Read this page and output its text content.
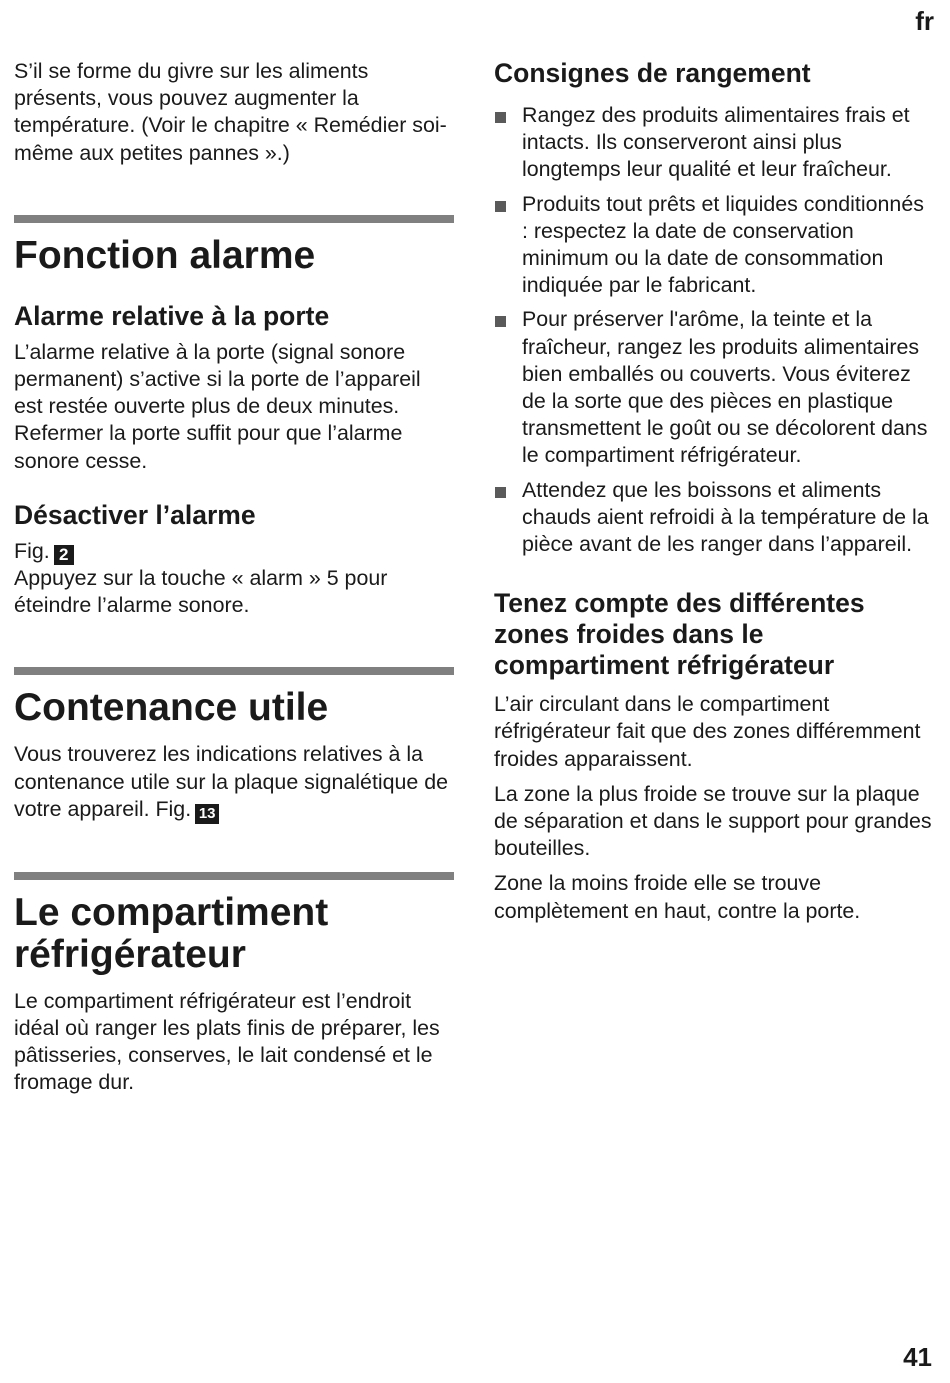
fr

S’il se forme du givre sur les aliments présents, vous pouvez augmenter la température. (Voir le chapitre « Remédier soi-même aux petites pannes ».)

Fonction alarme
Alarme relative à la porte

L’alarme relative à la porte (signal sonore permanent) s’active si la porte de l’appareil est restée ouverte plus de deux minutes. Refermer la porte suffit pour que l’alarme sonore cesse.

Désactiver l’alarme

Fig. 2

Appuyez sur la touche « alarm » 5 pour éteindre l’alarme sonore.

Contenance utile

Vous trouverez les indications relatives à la contenance utile sur la plaque signalétique de votre appareil. Fig. 13

Le compartiment réfrigérateur

Le compartiment réfrigérateur est l’endroit idéal où ranger les plats finis de préparer, les pâtisseries, conserves, le lait condensé et le fromage dur.

Consignes de rangement
Rangez des produits alimentaires frais et intacts. Ils conserveront ainsi plus longtemps leur qualité et leur fraîcheur.
Produits tout prêts et liquides conditionnés : respectez la date de conservation minimum ou la date de consommation indiquée par le fabricant.
Pour préserver l'arôme, la teinte et la fraîcheur, rangez les produits alimentaires bien emballés ou couverts. Vous éviterez de la sorte que des pièces en plastique transmettent le goût ou se décolorent dans le compartiment réfrigérateur.
Attendez que les boissons et aliments chauds aient refroidi à la température de la pièce avant de les ranger dans l’appareil.
Tenez compte des différentes zones froides dans le compartiment réfrigérateur

L’air circulant dans le compartiment réfrigérateur fait que des zones différemment froides apparaissent.

La zone la plus froide se trouve sur la plaque de séparation et dans le support pour grandes bouteilles.

Zone la moins froide elle se trouve complètement en haut, contre la porte.

41
